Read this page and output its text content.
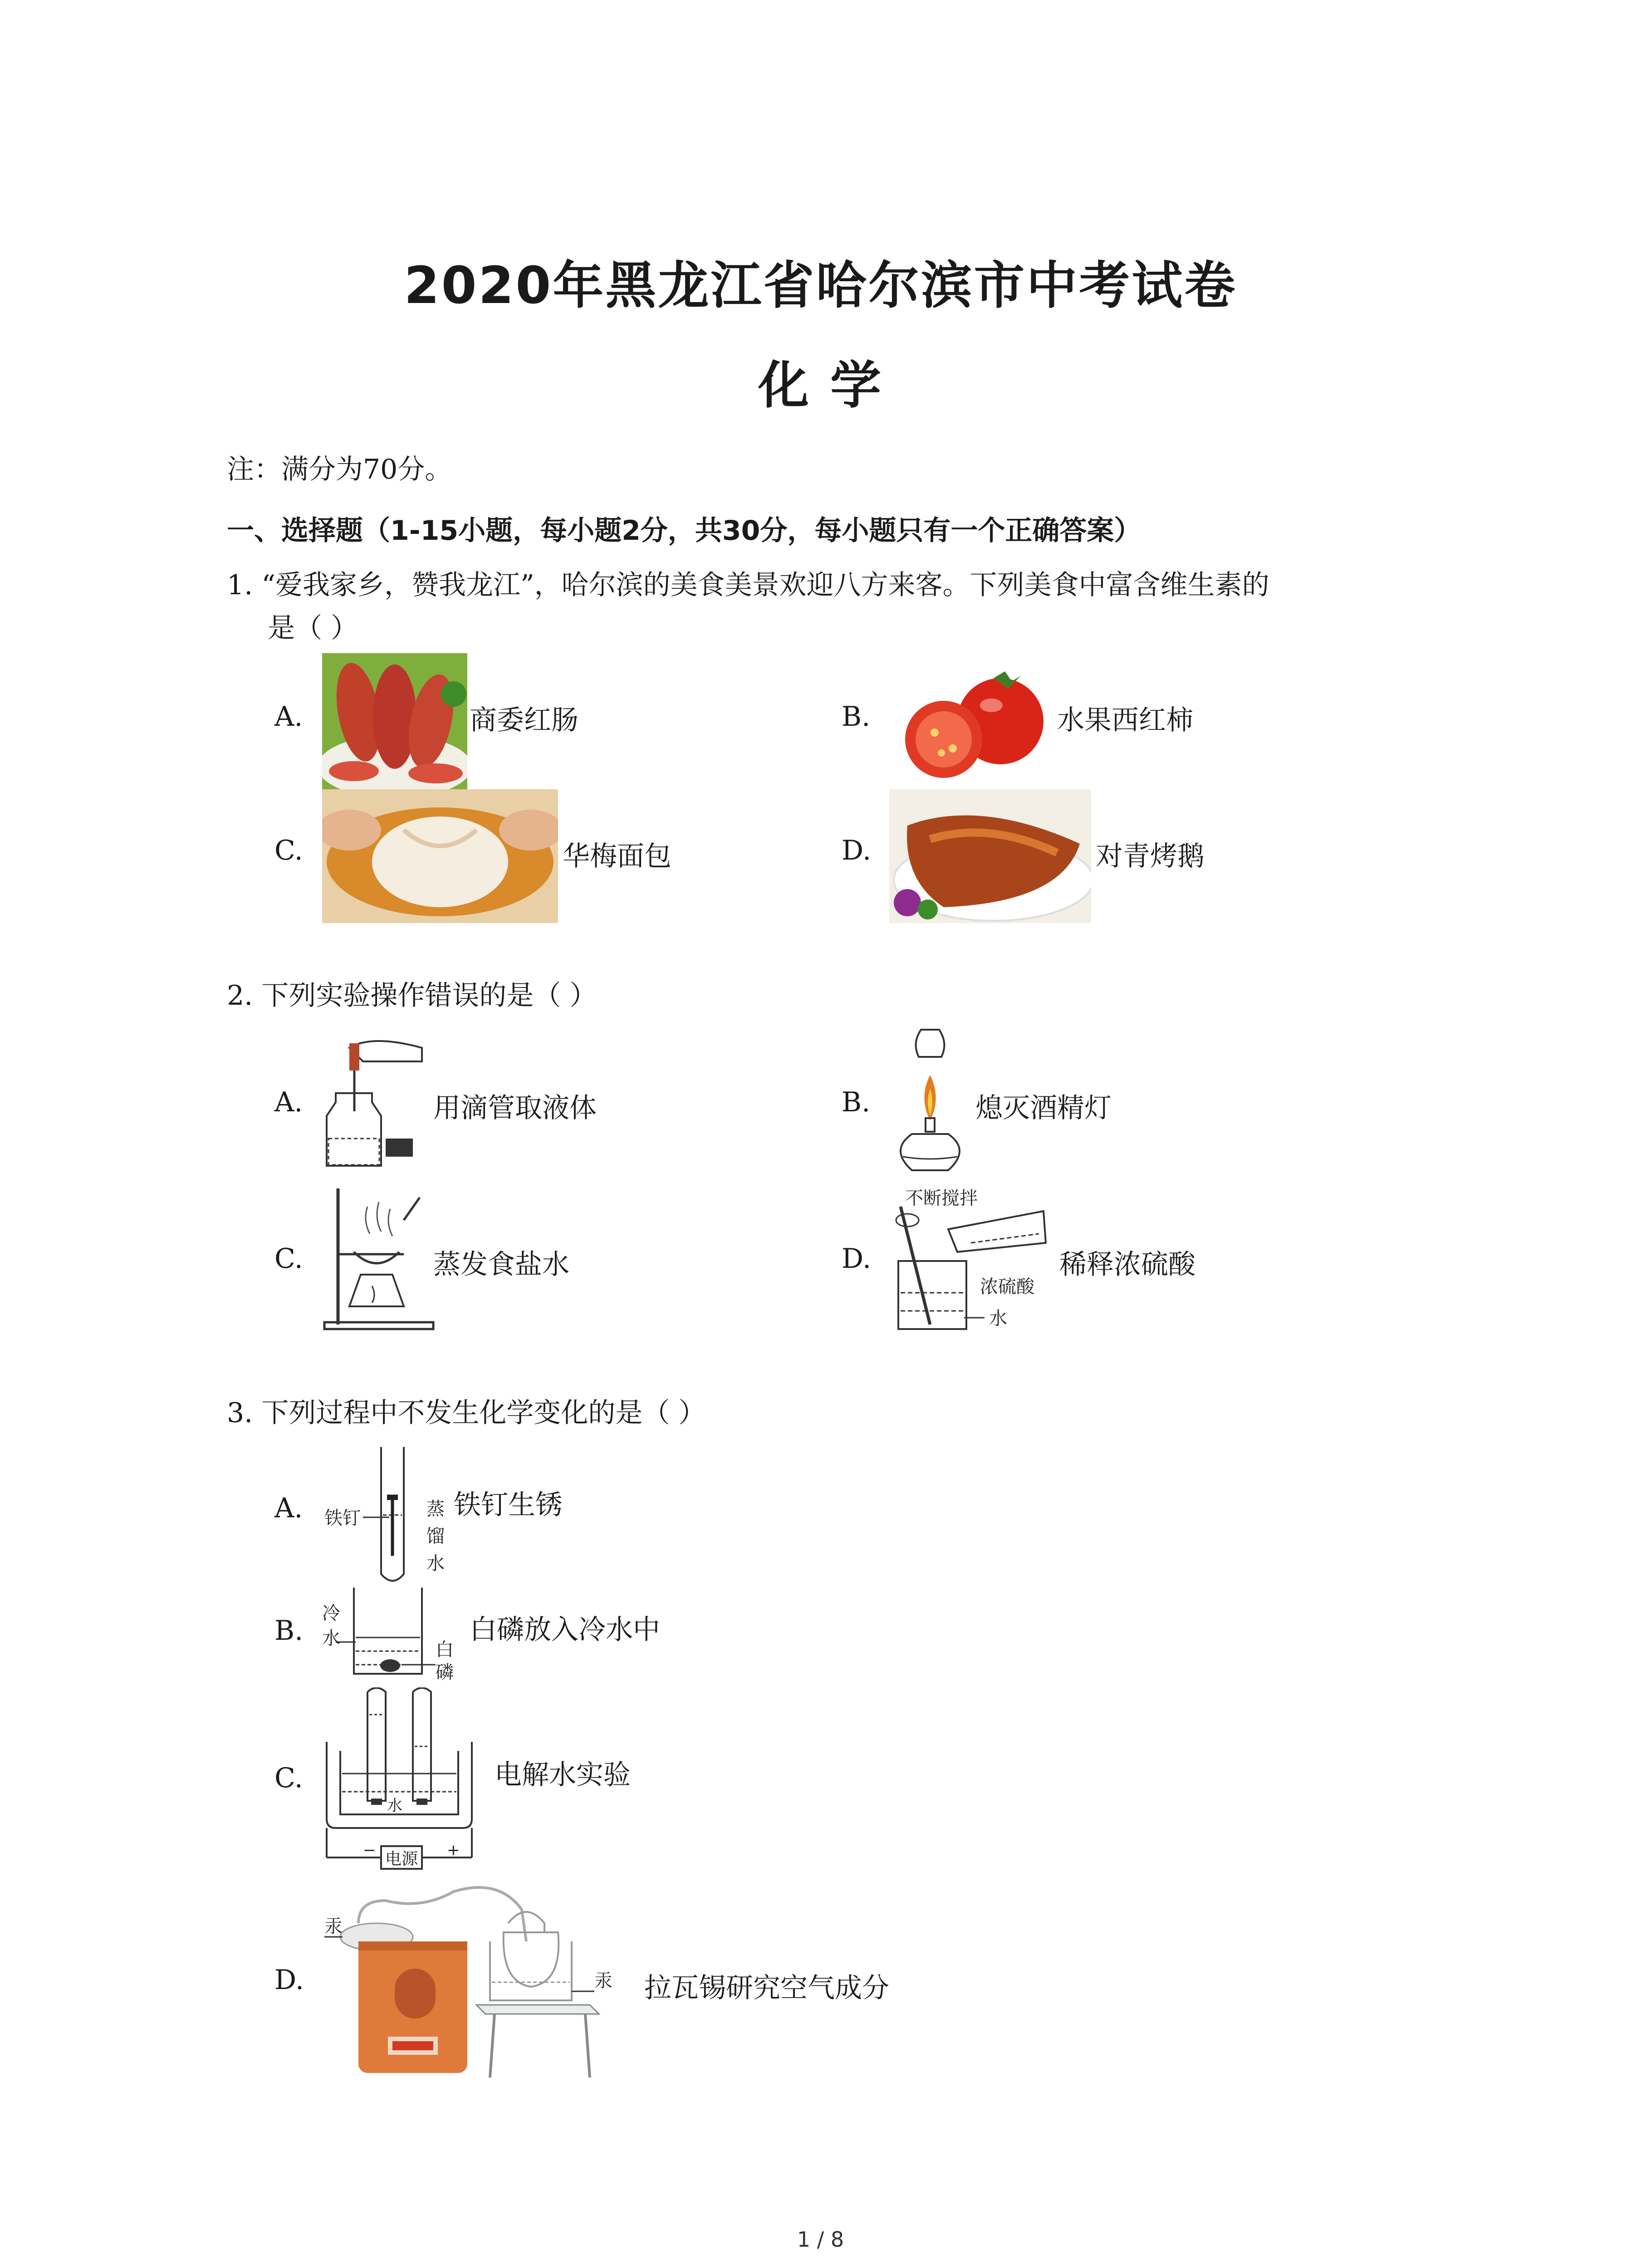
2020年黑龙江省哈尔滨市中考试卷
化 学
注：满分为70分。
一、选择题（1-15小题，每小题2分，共30分，每小题只有一个正确答案）
1. “爱我家乡，赞我龙江”，哈尔滨的美食美景欢迎八方来客。下列美食中富含维生素的
是（ ）
A.	商委红肠	B.	水果西红柿
C.	华梅面包	D.	对青烤鹅
2. 下列实验操作错误的是（ ）
A.	用滴管取液体	B.	熄灭酒精灯
C.	蒸发食盐水	D.
不断搅拌
浓硫酸
水
稀释浓硫酸
3. 下列过程中不发生化学变化的是（ ）
A. 铁钉	蒸
馏
水
铁钉生锈
B.
冷
水
白
磷
白磷放入冷水中
C.
电源
水
−	+
电解水实验
D.
汞
汞 拉瓦锡研究空气成分
1 / 8
